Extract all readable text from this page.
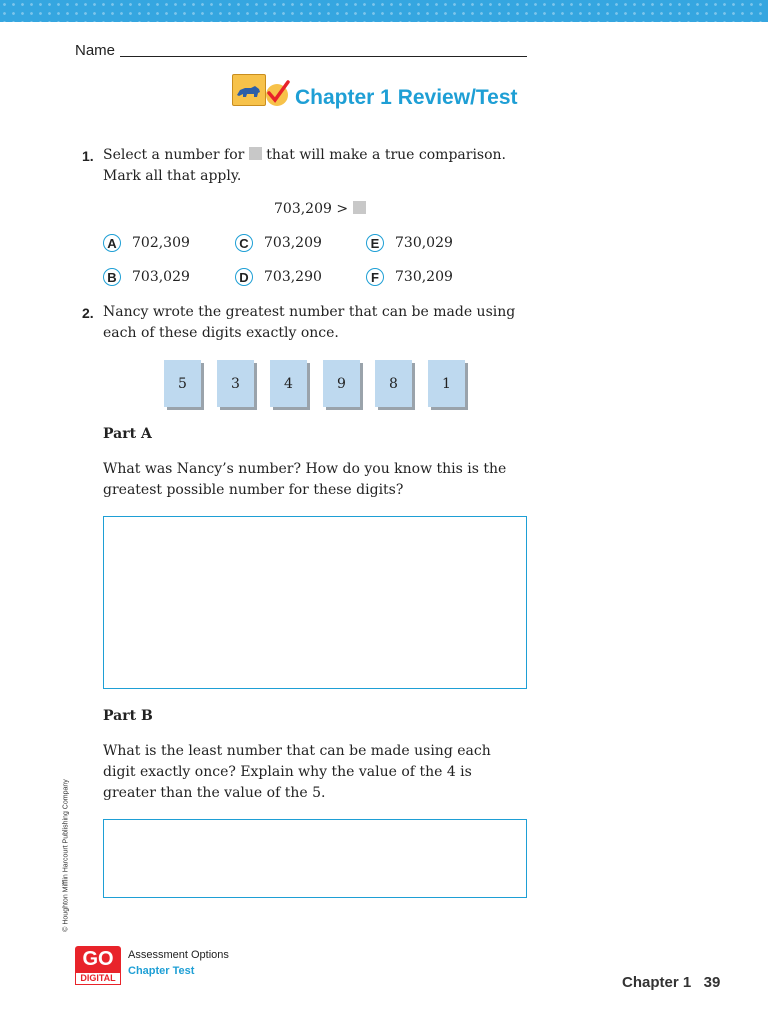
Name
Chapter 1 Review/Test
1. Select a number for that will make a true comparison. Mark all that apply.
703,209 >
A	702,309
B	703,029
C	703,209
D	703,290
E	730,029
F	730,209
2. Nancy wrote the greatest number that can be made using each of these digits exactly once.
5	3	4	9	8	1
Part A
What was Nancy’s number? How do you know this is the greatest possible number for these digits?
Part B
What is the least number that can be made using each digit exactly once? Explain why the value of the 4 is greater than the value of the 5.
© Houghton Mifflin Harcourt Publishing Company
GO
DIGITAL
Assessment Options
Chapter Test
Chapter 1   39
